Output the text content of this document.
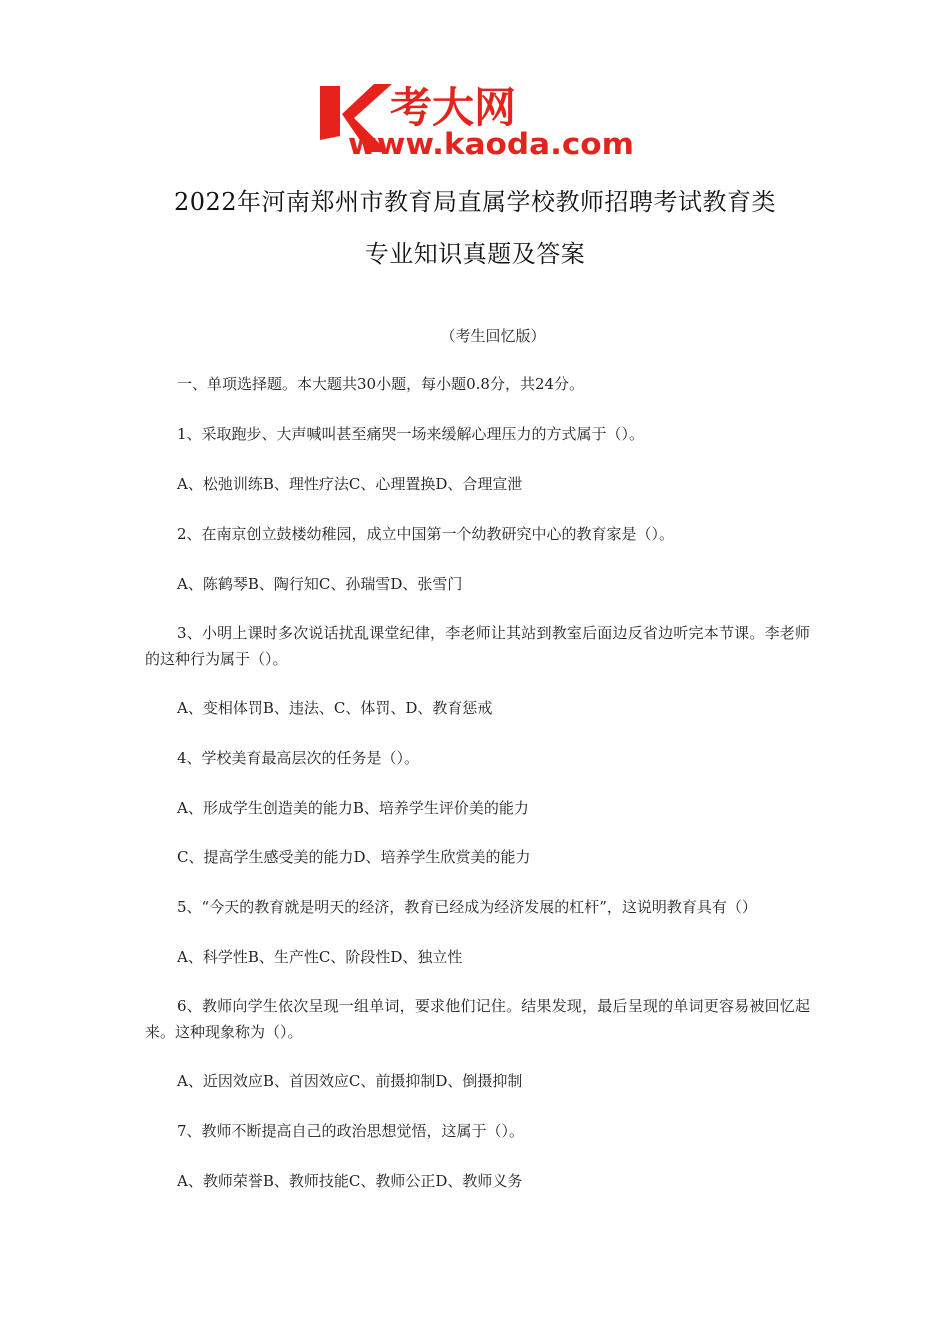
考大网
www.kaoda.com
2022年河南郑州市教育局直属学校教师招聘考试教育类
专业知识真题及答案
（考生回忆版）
一、单项选择题。本大题共30小题，每小题0.8分，共24分。
1、采取跑步、大声喊叫甚至痛哭一场来缓解心理压力的方式属于（）。
A、松弛训练B、理性疗法C、心理置换D、合理宣泄
2、在南京创立鼓楼幼稚园，成立中国第一个幼教研究中心的教育家是（）。
A、陈鹤琴B、陶行知C、孙瑞雪D、张雪门
3、小明上课时多次说话扰乱课堂纪律，李老师让其站到教室后面边反省边听完本节课。李老师的这种行为属于（）。
A、变相体罚B、违法、C、体罚、D、教育惩戒
4、学校美育最高层次的任务是（）。
A、形成学生创造美的能力B、培养学生评价美的能力
C、提高学生感受美的能力D、培养学生欣赏美的能力
5、“今天的教育就是明天的经济，教育已经成为经济发展的杠杆”，这说明教育具有（）
A、科学性B、生产性C、阶段性D、独立性
6、教师向学生依次呈现一组单词，要求他们记住。结果发现，最后呈现的单词更容易被回忆起来。这种现象称为（）。
A、近因效应B、首因效应C、前摄抑制D、倒摄抑制
7、教师不断提高自己的政治思想觉悟，这属于（）。
A、教师荣誉B、教师技能C、教师公正D、教师义务
